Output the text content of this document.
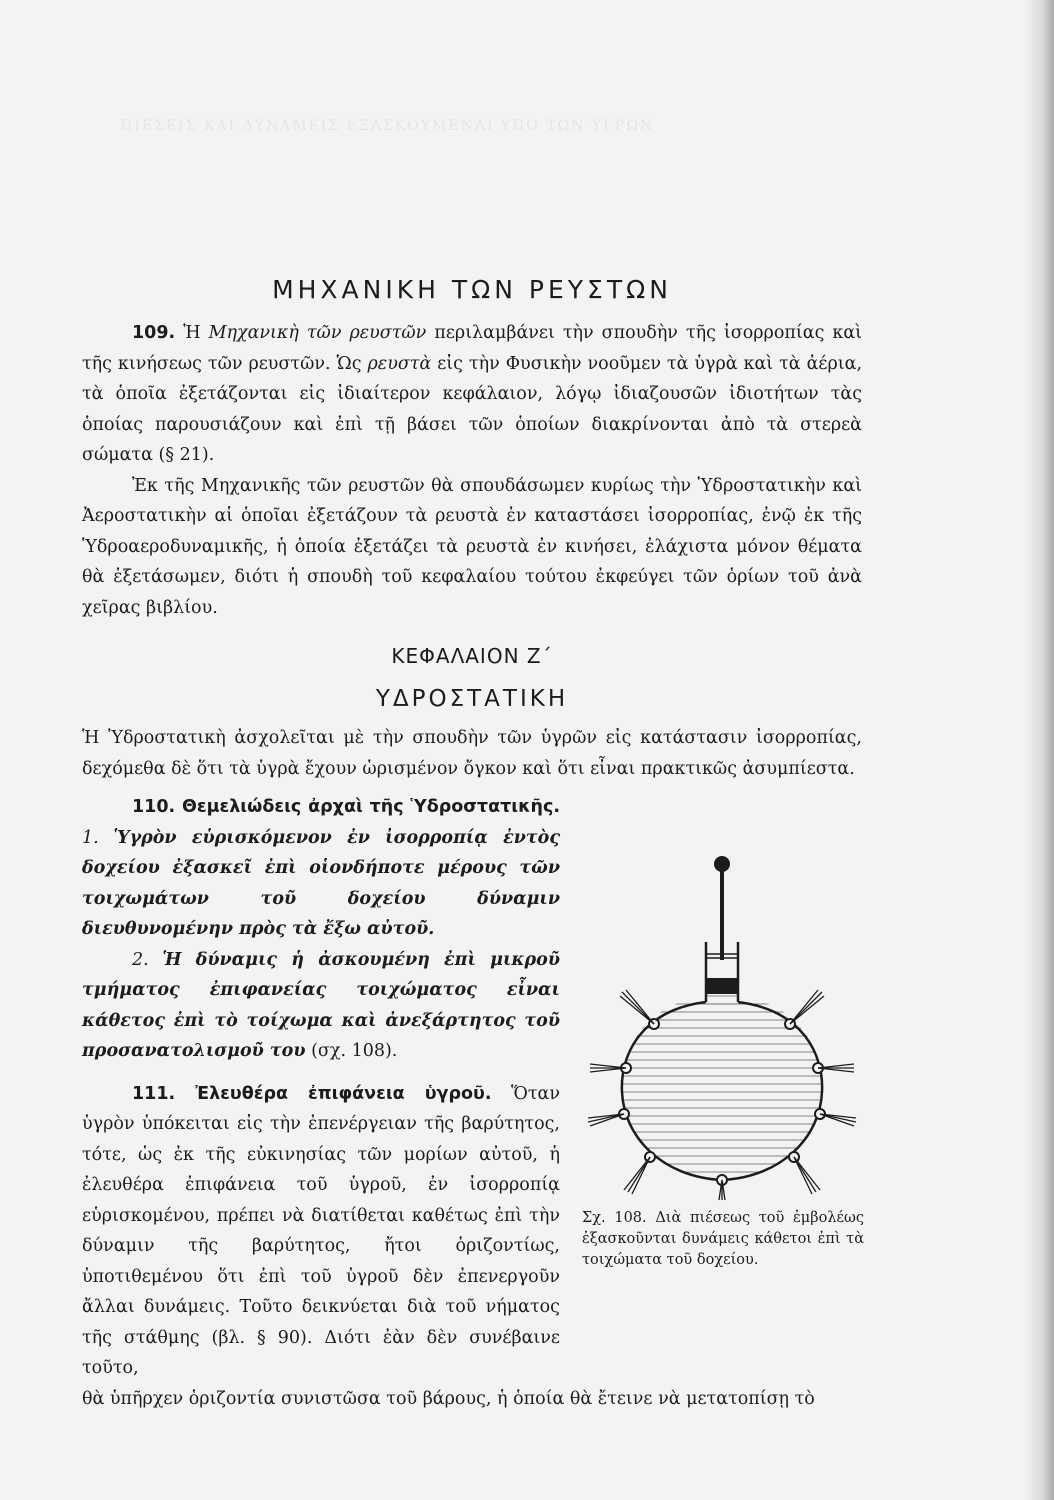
ΠΙΕΣΕΙΣ ΚΑΙ ΔΥΝΑΜΕΙΣ ΕΞΑΣΚΟΥΜΕΝΑΙ ΥΠΟ ΤΩΝ ΥΓΡΩΝ
ΜΗΧΑΝΙΚΗ ΤΩΝ ΡΕΥΣΤΩΝ

109. Ἡ Μηχανικὴ τῶν ρευστῶν περιλαμβάνει τὴν σπουδὴν τῆς ἰσορροπίας καὶ τῆς κινήσεως τῶν ρευστῶν. Ὡς ρευστὰ εἰς τὴν Φυσικὴν νοοῦμεν τὰ ὑγρὰ καὶ τὰ ἀέρια, τὰ ὁποῖα ἐξετάζονται εἰς ἰδιαίτερον κεφάλαιον, λόγῳ ἰδιαζουσῶν ἰδιοτήτων τὰς ὁποίας παρουσιάζουν καὶ ἐπὶ τῇ βάσει τῶν ὁποίων διακρίνονται ἀπὸ τὰ στερεὰ σώματα (§ 21).

Ἐκ τῆς Μηχανικῆς τῶν ρευστῶν θὰ σπουδάσωμεν κυρίως τὴν Ὑδροστατικὴν καὶ Ἀεροστατικὴν αἱ ὁποῖαι ἐξετάζουν τὰ ρευστὰ ἐν καταστάσει ἰσορροπίας, ἐνῷ ἐκ τῆς Ὑδροαεροδυναμικῆς, ἡ ὁποία ἐξετάζει τὰ ρευστὰ ἐν κινήσει, ἐλάχιστα μόνον θέματα θὰ ἐξετάσωμεν, διότι ἡ σπουδὴ τοῦ κεφαλαίου τούτου ἐκφεύγει τῶν ὁρίων τοῦ ἀνὰ χεῖρας βιβλίου.

ΚΕΦΑΛΑΙΟΝ Ζ΄
ΥΔΡΟΣΤΑΤΙΚΗ

Ἡ Ὑδροστατικὴ ἀσχολεῖται μὲ τὴν σπουδὴν τῶν ὑγρῶν εἰς κατάστασιν ἰσορροπίας, δεχόμεθα δὲ ὅτι τὰ ὑγρὰ ἔχουν ὡρισμένον ὄγκον καὶ ὅτι εἶναι πρακτικῶς ἀσυμπίεστα.

110. Θεμελιώδεις ἀρχαὶ τῆς Ὑδροστατικῆς. 1. Ὑγρὸν εὑρισκόμενον ἐν ἰσορροπίᾳ ἐντὸς δοχείου ἐξασκεῖ ἐπὶ οἱονδήποτε μέρους τῶν τοιχωμάτων τοῦ δοχείου δύναμιν διευθυνομένην πρὸς τὰ ἔξω αὐτοῦ.

2. Ἡ δύναμις ἡ ἀσκουμένη ἐπὶ μικροῦ τμήματος ἐπιφανείας τοιχώματος εἶναι κάθετος ἐπὶ τὸ τοίχωμα καὶ ἀνεξάρτητος τοῦ προσανατολισμοῦ του (σχ. 108).

111. Ἐλευθέρα ἐπιφάνεια ὑγροῦ. Ὅταν ὑγρὸν ὑπόκειται εἰς τὴν ἐπενέργειαν τῆς βαρύτητος, τότε, ὡς ἐκ τῆς εὐκινησίας τῶν μορίων αὐτοῦ, ἡ ἐλευθέρα ἐπιφάνεια τοῦ ὑγροῦ, ἐν ἰσορροπίᾳ εὑρισκομένου, πρέπει νὰ διατίθεται καθέτως ἐπὶ τὴν δύναμιν τῆς βαρύτητος, ἤτοι ὁριζοντίως, ὑποτιθεμένου ὅτι ἐπὶ τοῦ ὑγροῦ δὲν ἐπενεργοῦν ἄλλαι δυνάμεις. Τοῦτο δεικνύεται διὰ τοῦ νήματος τῆς στάθμης (βλ. § 90). Διότι ἐὰν δὲν συνέβαινε τοῦτο,

Σχ. 108. Διὰ πιέσεως τοῦ ἐμβολέως ἐξασκοῦνται δυνάμεις κάθετοι ἐπὶ τὰ τοιχώματα τοῦ δοχείου.

θὰ ὑπῆρχεν ὁριζοντία συνιστῶσα τοῦ βάρους, ἡ ὁποία θὰ ἔτεινε νὰ μετατοπίσῃ τὸ
